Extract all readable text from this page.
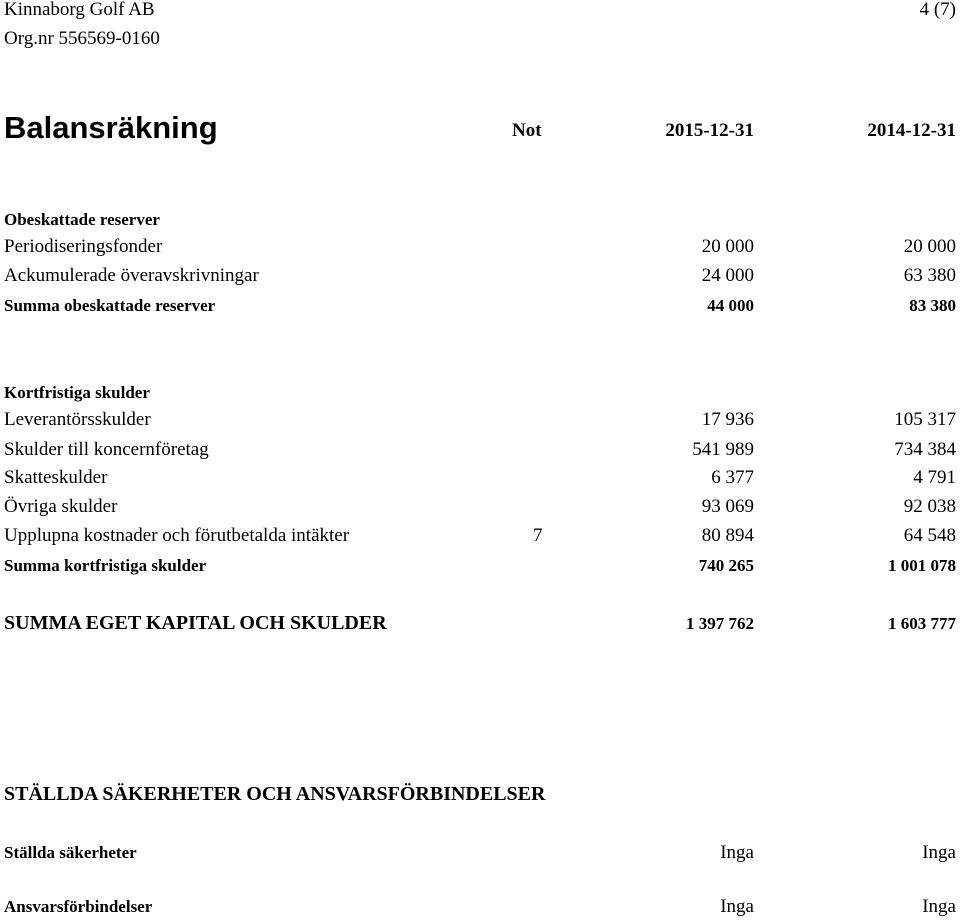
Kinnaborg Golf AB
Org.nr 556569-0160
4 (7)
Balansräkning	Not	2015-12-31	2014-12-31
Obeskattade reserver
Periodiseringsfonder	20 000	20 000
Ackumulerade överavskrivningar	24 000	63 380
Summa obeskattade reserver	44 000	83 380
Kortfristiga skulder
Leverantörsskulder	17 936	105 317
Skulder till koncernföretag	541 989	734 384
Skatteskulder	6 377	4 791
Övriga skulder	93 069	92 038
Upplupna kostnader och förutbetalda intäkter	7	80 894	64 548
Summa kortfristiga skulder	740 265	1 001 078
SUMMA EGET KAPITAL OCH SKULDER	1 397 762	1 603 777
STÄLLDA SÄKERHETER OCH ANSVARSFÖRBINDELSER
Ställda säkerheter	Inga	Inga
Ansvarsförbindelser	Inga	Inga
